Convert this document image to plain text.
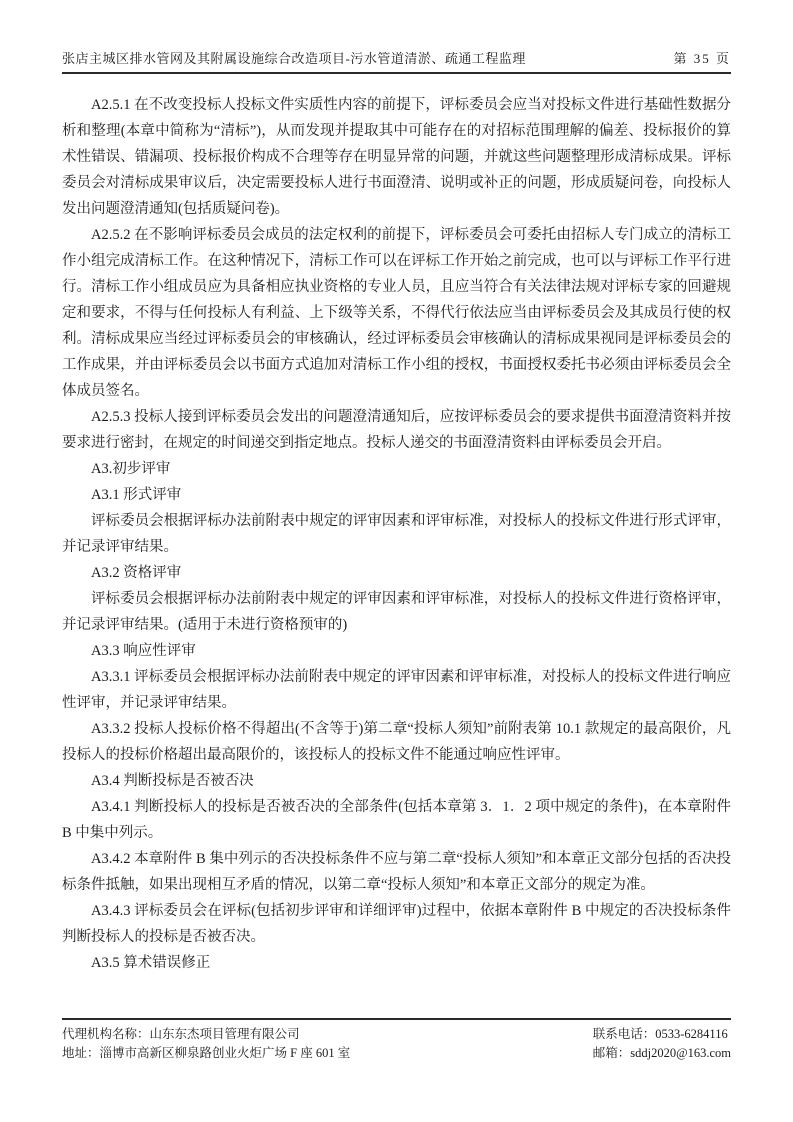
张店主城区排水管网及其附属设施综合改造项目-污水管道清淤、疏通工程监理	第 35 页

A2.5.1 在不改变投标人投标文件实质性内容的前提下，评标委员会应当对投标文件进行基础性数据分析和整理(本章中简称为“清标”)，从而发现并提取其中可能存在的对招标范围理解的偏差、投标报价的算术性错误、错漏项、投标报价构成不合理等存在明显异常的问题，并就这些问题整理形成清标成果。评标委员会对清标成果审议后，决定需要投标人进行书面澄清、说明或补正的问题，形成质疑问卷，向投标人发出问题澄清通知(包括质疑问卷)。

A2.5.2 在不影响评标委员会成员的法定权利的前提下，评标委员会可委托由招标人专门成立的清标工作小组完成清标工作。在这种情况下，清标工作可以在评标工作开始之前完成，也可以与评标工作平行进行。清标工作小组成员应为具备相应执业资格的专业人员，且应当符合有关法律法规对评标专家的回避规定和要求，不得与任何投标人有利益、上下级等关系，不得代行依法应当由评标委员会及其成员行使的权利。清标成果应当经过评标委员会的审核确认，经过评标委员会审核确认的清标成果视同是评标委员会的工作成果，并由评标委员会以书面方式追加对清标工作小组的授权，书面授权委托书必须由评标委员会全体成员签名。

A2.5.3 投标人接到评标委员会发出的问题澄清通知后，应按评标委员会的要求提供书面澄清资料并按要求进行密封，在规定的时间递交到指定地点。投标人递交的书面澄清资料由评标委员会开启。

A3.初步评审

A3.1 形式评审

评标委员会根据评标办法前附表中规定的评审因素和评审标准，对投标人的投标文件进行形式评审，并记录评审结果。

A3.2 资格评审

评标委员会根据评标办法前附表中规定的评审因素和评审标准，对投标人的投标文件进行资格评审，并记录评审结果。(适用于未进行资格预审的)

A3.3 响应性评审

A3.3.1 评标委员会根据评标办法前附表中规定的评审因素和评审标准，对投标人的投标文件进行响应性评审，并记录评审结果。

A3.3.2 投标人投标价格不得超出(不含等于)第二章“投标人须知”前附表第 10.1 款规定的最高限价，凡投标人的投标价格超出最高限价的，该投标人的投标文件不能通过响应性评审。

A3.4 判断投标是否被否决

A3.4.1 判断投标人的投标是否被否决的全部条件(包括本章第 3．1．2 项中规定的条件)，在本章附件 B 中集中列示。

A3.4.2 本章附件 B 集中列示的否决投标条件不应与第二章“投标人须知”和本章正文部分包括的否决投标条件抵触，如果出现相互矛盾的情况，以第二章“投标人须知”和本章正文部分的规定为准。

A3.4.3 评标委员会在评标(包括初步评审和详细评审)过程中，依据本章附件 B 中规定的否决投标条件判断投标人的投标是否被否决。

A3.5 算术错误修正

代理机构名称：山东东杰项目管理有限公司
地址：淄博市高新区柳泉路创业火炬广场 F 座 601 室
联系电话：0533-6284116
邮箱：sddj2020@163.com
